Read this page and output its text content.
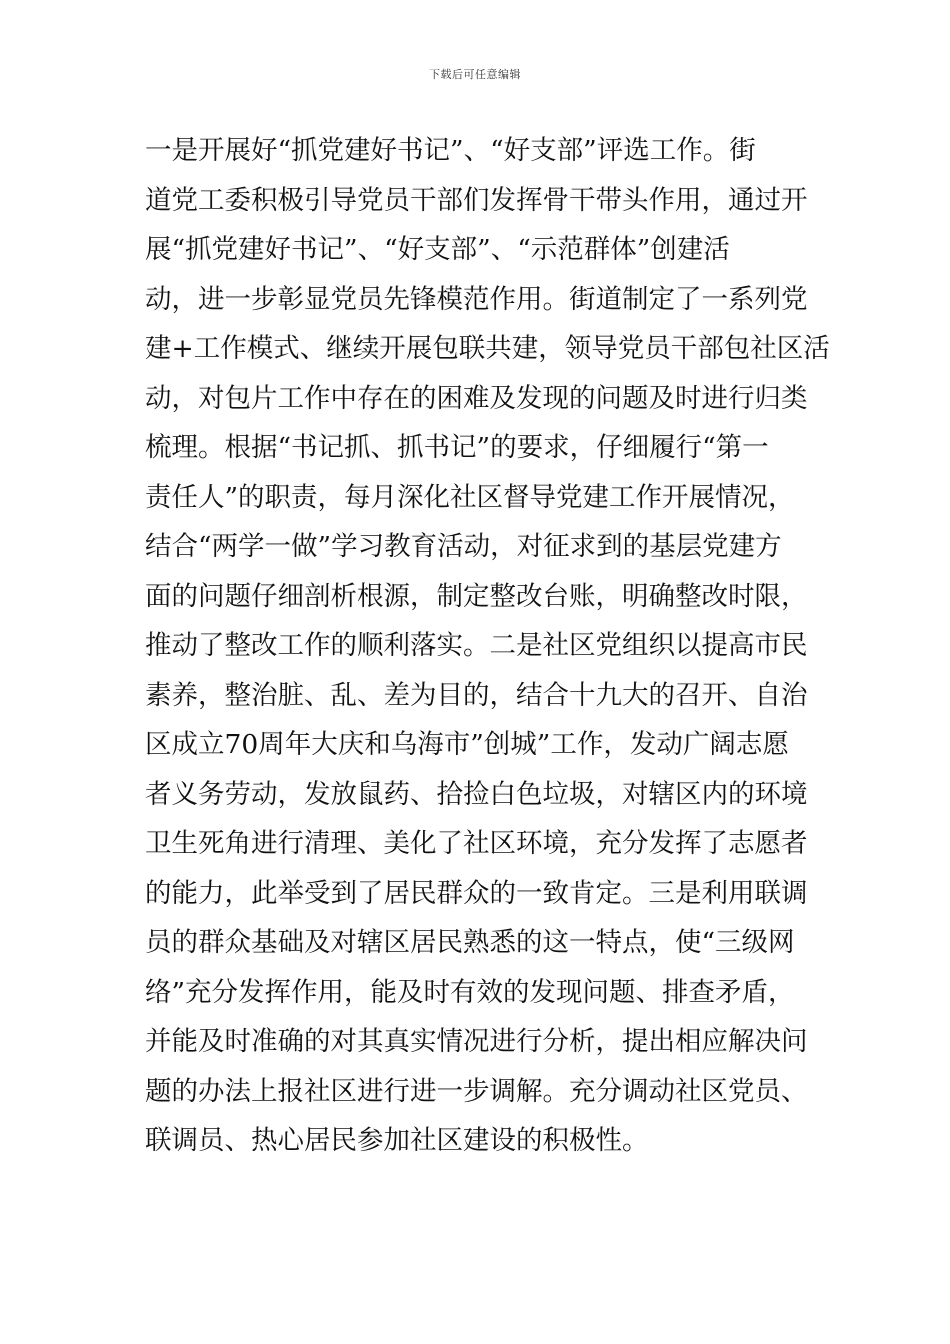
下载后可任意编辑
一是开展好“抓党建好书记”、“好支部”评选工作。街
道党工委积极引导党员干部们发挥骨干带头作用，通过开
展“抓党建好书记”、“好支部”、“示范群体”创建活
动，进一步彰显党员先锋模范作用。街道制定了一系列党
建+工作模式、继续开展包联共建，领导党员干部包社区活
动，对包片工作中存在的困难及发现的问题及时进行归类
梳理。根据“书记抓、抓书记”的要求，仔细履行“第一
责任人”的职责，每月深化社区督导党建工作开展情况，
结合“两学一做”学习教育活动，对征求到的基层党建方
面的问题仔细剖析根源，制定整改台账，明确整改时限，
推动了整改工作的顺利落实。二是社区党组织以提高市民
素养，整治脏、乱、差为目的，结合十九大的召开、自治
区成立70周年大庆和乌海市”创城”工作，发动广阔志愿
者义务劳动，发放鼠药、拾捡白色垃圾，对辖区内的环境
卫生死角进行清理、美化了社区环境，充分发挥了志愿者
的能力，此举受到了居民群众的一致肯定。三是利用联调
员的群众基础及对辖区居民熟悉的这一特点，使“三级网
络”充分发挥作用，能及时有效的发现问题、排查矛盾，
并能及时准确的对其真实情况进行分析，提出相应解决问
题的办法上报社区进行进一步调解。充分调动社区党员、
联调员、热心居民参加社区建设的积极性。
